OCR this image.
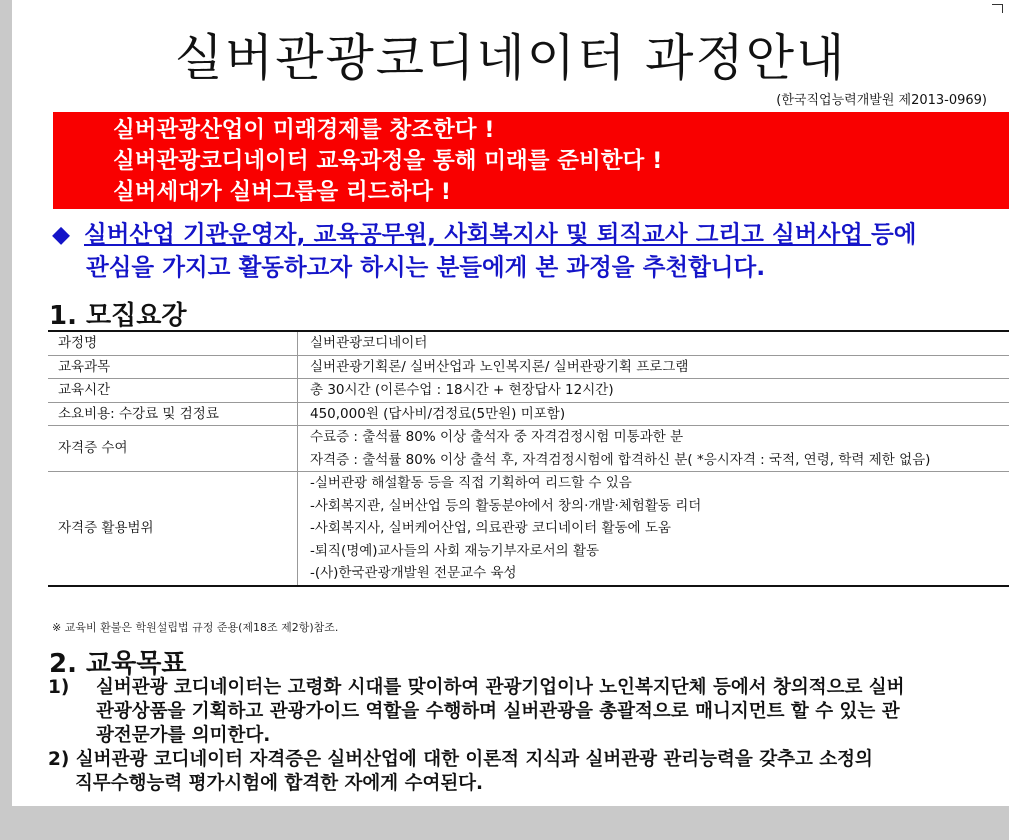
실버관광코디네이터 과정안내
(한국직업능력개발원 제2013-0969)
실버관광산업이 미래경제를 창조한다 !
실버관광코디네이터 교육과정을 통해 미래를 준비한다 !
실버세대가 실버그릅을 리드하다 !
◆ 실버산업 기관운영자, 교육공무원, 사회복지사 및 퇴직교사 그리고 실버사업 등에
관심을 가지고 활동하고자 하시는 분들에게 본 과정을 추천합니다.
1. 모집요강
과정명	실버관광코디네이터

교육과목	실버관광기획론/ 실버산업과 노인복지론/ 실버관광기획 프로그램

교육시간	총 30시간 (이론수업 : 18시간 + 현장답사 12시간)

소요비용: 수강료 및 검정료	450,000원 (답사비/검정료(5만원) 미포함)

자격증 수여	수료증 : 출석률 80% 이상 출석자 중 자격검정시험 미통과한 분
자격증 : 출석률 80% 이상 출석 후, 자격검정시험에 합격하신 분( *응시자격 : 국적, 연령, 학력 제한 없음)

자격증 활용범위	-실버관광 해설활동 등을 직접 기획하여 리드할 수 있음
-사회복지관, 실버산업 등의 활동분야에서 창의·개발·체험활동 리더
-사회복지사, 실버케어산업, 의료관광 코디네이터 활동에 도움
-퇴직(명예)교사들의 사회 재능기부자로서의 활동
-(사)한국관광개발원 전문교수 육성
※ 교육비 환불은 학원설립법 규정 준용(제18조 제2항)참조.
2. 교육목표
1) 실버관광 코디네이터는 고령화 시대를 맞이하여 관광기업이나 노인복지단체 등에서 창의적으로 실버
관광상품을 기획하고 관광가이드 역할을 수행하며 실버관광을 총괄적으로 매니지먼트 할 수 있는 관
광전문가를 의미한다.
2) 실버관광 코디네이터 자격증은 실버산업에 대한 이론적 지식과 실버관광 관리능력을 갖추고 소정의
직무수행능력 평가시험에 합격한 자에게 수여된다.
